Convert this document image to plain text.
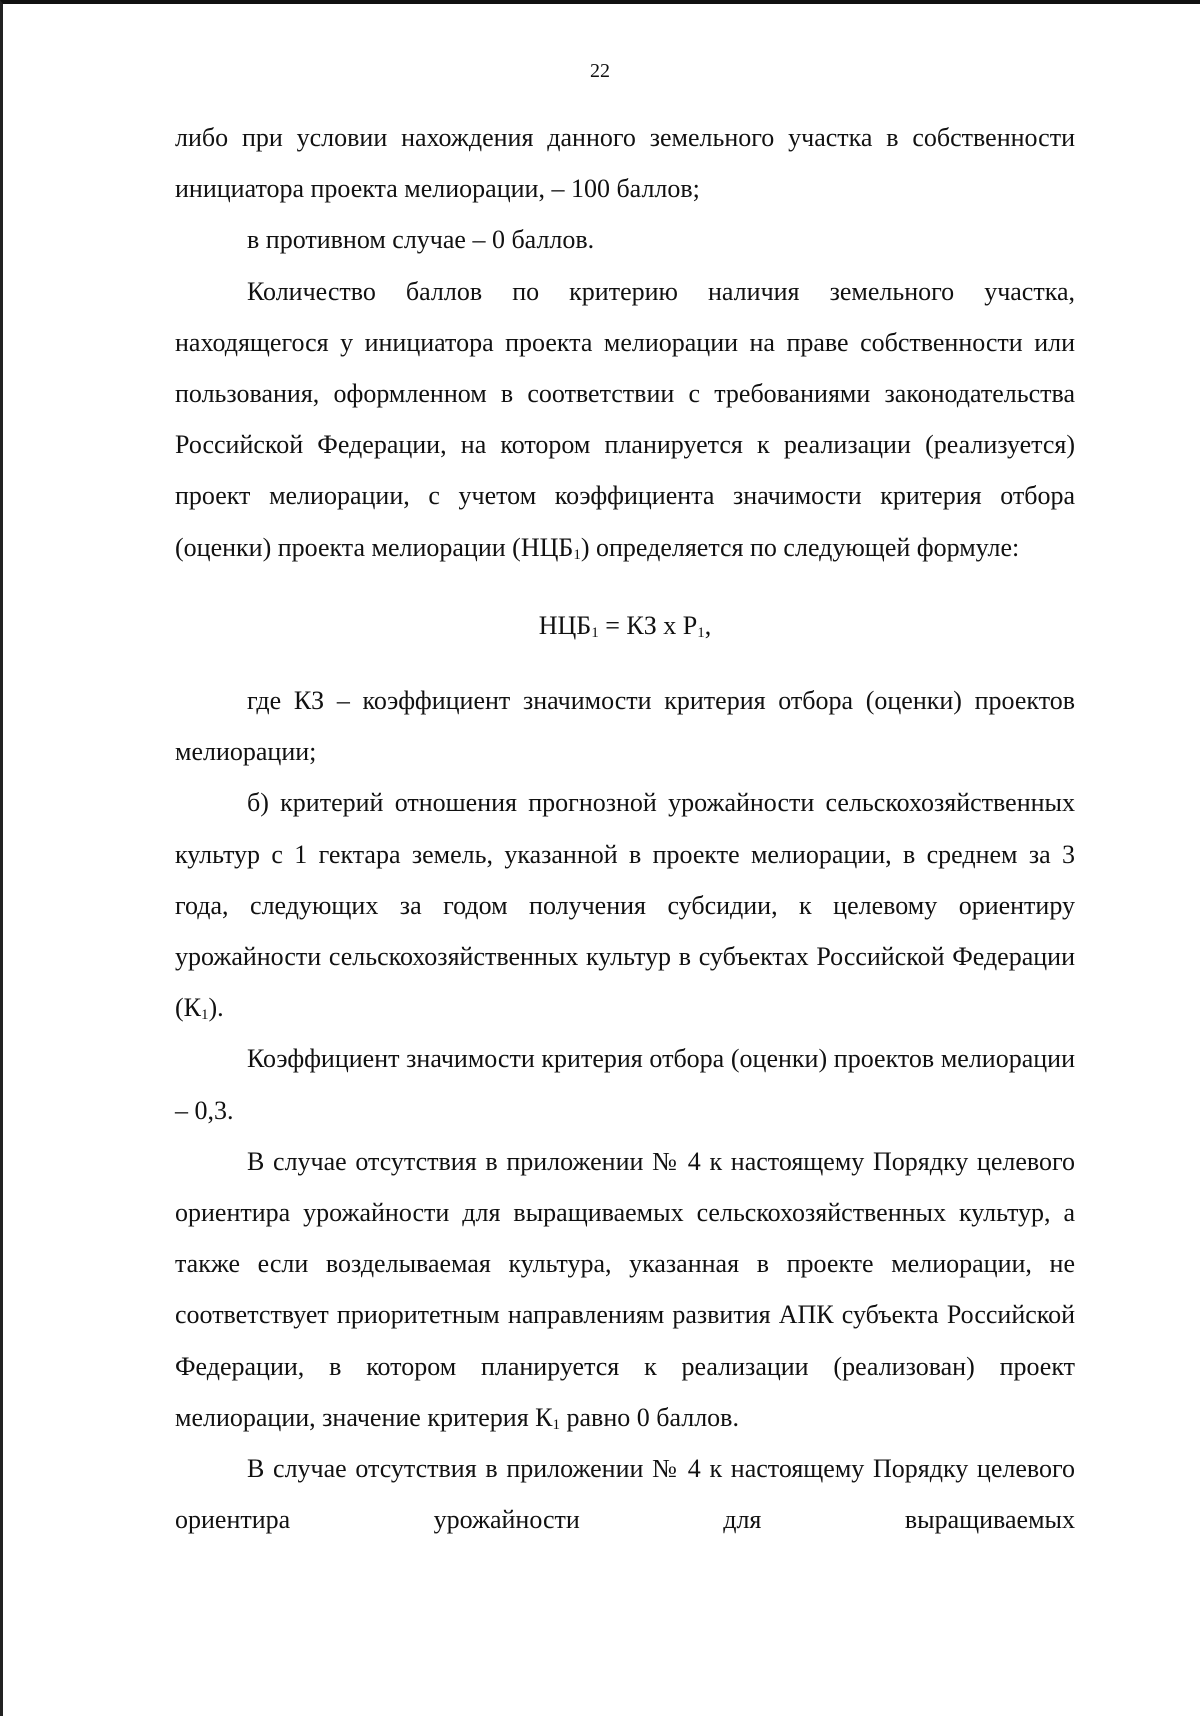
22

либо при условии нахождения данного земельного участка в собственности инициатора проекта мелиорации, – 100 баллов;

в противном случае – 0 баллов.

Количество баллов по критерию наличия земельного участка, находящегося у инициатора проекта мелиорации на праве собственности или пользования, оформленном в соответствии с требованиями законодательства Российской Федерации, на котором планируется к реализации (реализуется) проект мелиорации, с учетом коэффициента значимости критерия отбора (оценки) проекта мелиорации $(НЦБ_1)$ определяется по следующей формуле:

$НЦБ_1$ = КЗ x $Р_1$,

где КЗ – коэффициент значимости критерия отбора (оценки) проектов мелиорации;

б) критерий отношения прогнозной урожайности сельскохозяйственных культур с 1 гектара земель, указанной в проекте мелиорации, в среднем за 3 года, следующих за годом получения субсидии, к целевому ориентиру урожайности сельскохозяйственных культур в субъектах Российской Федерации $(К_1)$.

Коэффициент значимости критерия отбора (оценки) проектов мелиорации – 0,3.

В случае отсутствия в приложении № 4 к настоящему Порядку целевого ориентира урожайности для выращиваемых сельскохозяйственных культур, а также если возделываемая культура, указанная в проекте мелиорации, не соответствует приоритетным направлениям развития АПК субъекта Российской Федерации, в котором планируется к реализации (реализован) проект мелиорации, значение критерия $К_1$ равно 0 баллов.

В случае отсутствия в приложении № 4 к настоящему Порядку целевого ориентира урожайности для выращиваемых
